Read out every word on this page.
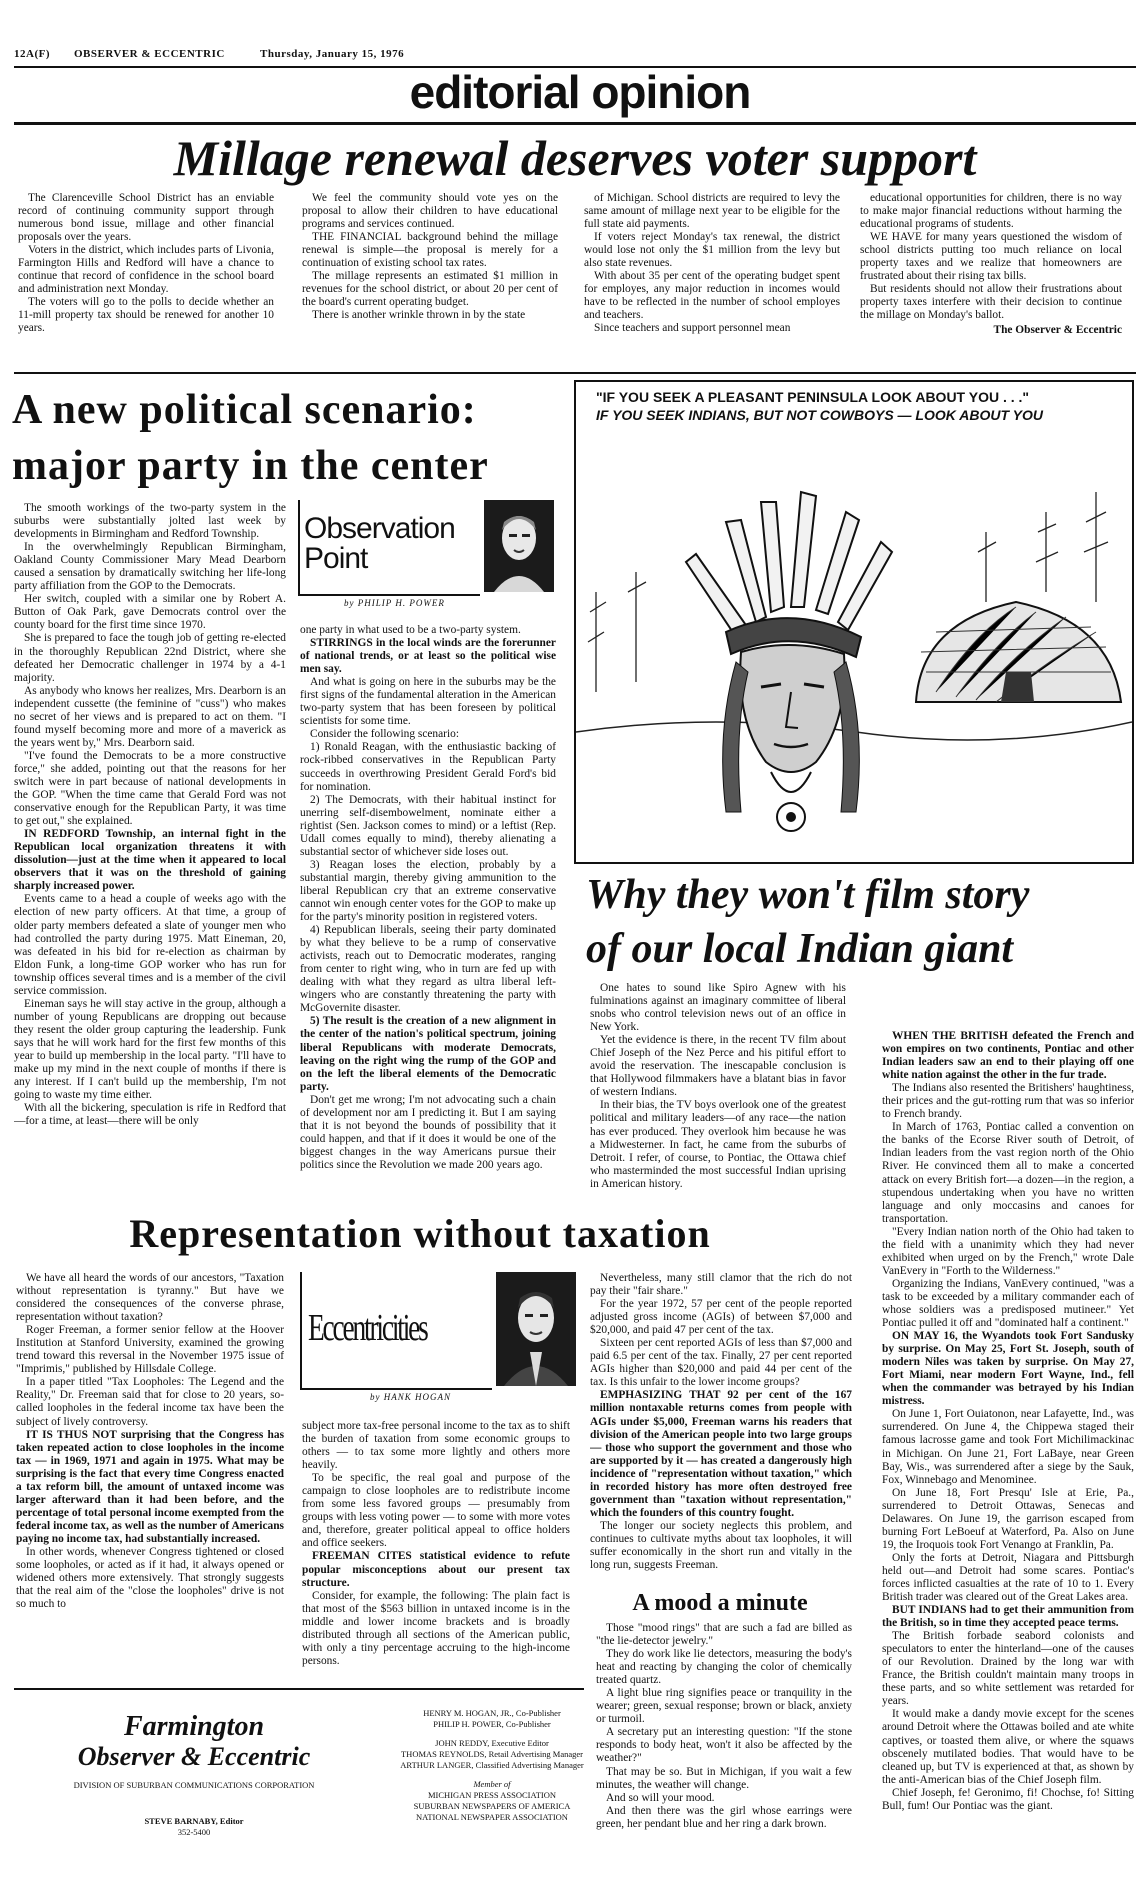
12A(F) OBSERVER & ECCENTRIC	Thursday, January 15, 1976
editorial opinion
Millage renewal deserves voter support

The Clarenceville School District has an enviable record of continuing community support through numerous bond issue, millage and other financial proposals over the years.

Voters in the district, which includes parts of Livonia, Farmington Hills and Redford will have a chance to continue that record of confidence in the school board and administration next Monday.

The voters will go to the polls to decide whether an 11-mill property tax should be renewed for another 10 years.

We feel the community should vote yes on the proposal to allow their children to have educational programs and services continued.

THE FINANCIAL background behind the millage renewal is simple—the proposal is merely for a continuation of existing school tax rates.

The millage represents an estimated $1 million in revenues for the school district, or about 20 per cent of the board's current operating budget.

There is another wrinkle thrown in by the state

of Michigan. School districts are required to levy the same amount of millage next year to be eligible for the full state aid payments.

If voters reject Monday's tax renewal, the district would lose not only the $1 million from the levy but also state revenues.

With about 35 per cent of the operating budget spent for employes, any major reduction in incomes would have to be reflected in the number of school employes and teachers.

Since teachers and support personnel mean

educational opportunities for children, there is no way to make major financial reductions without harming the educational programs of students.

WE HAVE for many years questioned the wisdom of school districts putting too much reliance on local property taxes and we realize that homeowners are frustrated about their rising tax bills.

But residents should not allow their frustrations about property taxes interfere with their decision to continue the millage on Monday's ballot.

The Observer & Eccentric
A new political scenario:
major party in the center

The smooth workings of the two-party system in the suburbs were substantially jolted last week by developments in Birmingham and Redford Township.

In the overwhelmingly Republican Birmingham, Oakland County Commissioner Mary Mead Dearborn caused a sensation by dramatically switching her life-long party affiliation from the GOP to the Democrats.

Her switch, coupled with a similar one by Robert A. Button of Oak Park, gave Democrats control over the county board for the first time since 1970.

She is prepared to face the tough job of getting re-elected in the thoroughly Republican 22nd District, where she defeated her Democratic challenger in 1974 by a 4-1 majority.

As anybody who knows her realizes, Mrs. Dearborn is an independent cussette (the feminine of "cuss") who makes no secret of her views and is prepared to act on them. "I found myself becoming more and more of a maverick as the years went by," Mrs. Dearborn said.

"I've found the Democrats to be a more constructive force," she added, pointing out that the reasons for her switch were in part because of national developments in the GOP. "When the time came that Gerald Ford was not conservative enough for the Republican Party, it was time to get out," she explained.

IN REDFORD Township, an internal fight in the Republican local organization threatens it with dissolution—just at the time when it appeared to local observers that it was on the threshold of gaining sharply increased power.

Events came to a head a couple of weeks ago with the election of new party officers. At that time, a group of older party members defeated a slate of younger men who had controlled the party during 1975. Matt Eineman, 20, was defeated in his bid for re-election as chairman by Eldon Funk, a long-time GOP worker who has run for township offices several times and is a member of the civil service commission.

Eineman says he will stay active in the group, although a number of young Republicans are dropping out because they resent the older group capturing the leadership. Funk says that he will work hard for the first few months of this year to build up membership in the local party. "I'll have to make up my mind in the next couple of months if there is any interest. If I can't build up the membership, I'm not going to waste my time either.

With all the bickering, speculation is rife in Redford that—for a time, at least—there will be only

Observation
Point
by PHILIP H. POWER

one party in what used to be a two-party system.

STIRRINGS in the local winds are the forerunner of national trends, or at least so the political wise men say.

And what is going on here in the suburbs may be the first signs of the fundamental alteration in the American two-party system that has been foreseen by political scientists for some time.

Consider the following scenario:

1) Ronald Reagan, with the enthusiastic backing of rock-ribbed conservatives in the Republican Party succeeds in overthrowing President Gerald Ford's bid for nomination.

2) The Democrats, with their habitual instinct for unerring self-disembowelment, nominate either a rightist (Sen. Jackson comes to mind) or a leftist (Rep. Udall comes equally to mind), thereby alienating a substantial sector of whichever side loses out.

3) Reagan loses the election, probably by a substantial margin, thereby giving ammunition to the liberal Republican cry that an extreme conservative cannot win enough center votes for the GOP to make up for the party's minority position in registered voters.

4) Republican liberals, seeing their party dominated by what they believe to be a rump of conservative activists, reach out to Democratic moderates, ranging from center to right wing, who in turn are fed up with dealing with what they regard as ultra liberal left-wingers who are constantly threatening the party with McGovernite disaster.

5) The result is the creation of a new alignment in the center of the nation's political spectrum, joining liberal Republicans with moderate Democrats, leaving on the right wing the rump of the GOP and on the left the liberal elements of the Democratic party.

Don't get me wrong; I'm not advocating such a chain of development nor am I predicting it. But I am saying that it is not beyond the bounds of possibility that it could happen, and that if it does it would be one of the biggest changes in the way Americans pursue their politics since the Revolution we made 200 years ago.

"IF YOU SEEK A PLEASANT PENINSULA LOOK ABOUT YOU . . ."
IF YOU SEEK INDIANS, BUT NOT COWBOYS — LOOK ABOUT YOU
Why they won't film story
of our local Indian giant

One hates to sound like Spiro Agnew with his fulminations against an imaginary committee of liberal snobs who control television news out of an office in New York.

Yet the evidence is there, in the recent TV film about Chief Joseph of the Nez Perce and his pitiful effort to avoid the reservation. The inescapable conclusion is that Hollywood filmmakers have a blatant bias in favor of western Indians.

In their bias, the TV boys overlook one of the greatest political and military leaders—of any race—the nation has ever produced. They overlook him because he was a Midwesterner. In fact, he came from the suburbs of Detroit. I refer, of course, to Pontiac, the Ottawa chief who masterminded the most successful Indian uprising in American history.

WHEN THE BRITISH defeated the French and won empires on two continents, Pontiac and other Indian leaders saw an end to their playing off one white nation against the other in the fur trade.

The Indians also resented the Britishers' haughtiness, their prices and the gut-rotting rum that was so inferior to French brandy.

In March of 1763, Pontiac called a convention on the banks of the Ecorse River south of Detroit, of Indian leaders from the vast region north of the Ohio River. He convinced them all to make a concerted attack on every British fort—a dozen—in the region, a stupendous undertaking when you have no written language and only moccasins and canoes for transportation.

"Every Indian nation north of the Ohio had taken to the field with a unanimity which they had never exhibited when urged on by the French," wrote Dale VanEvery in "Forth to the Wilderness."

Organizing the Indians, VanEvery continued, "was a task to be exceeded by a military commander each of whose soldiers was a predisposed mutineer." Yet Pontiac pulled it off and "dominated half a continent."

ON MAY 16, the Wyandots took Fort Sandusky by surprise. On May 25, Fort St. Joseph, south of modern Niles was taken by surprise. On May 27, Fort Miami, near modern Fort Wayne, Ind., fell when the commander was betrayed by his Indian mistress.

On June 1, Fort Ouiatonon, near Lafayette, Ind., was surrendered. On June 4, the Chippewa staged their famous lacrosse game and took Fort Michilimackinac in Michigan. On June 21, Fort LaBaye, near Green Bay, Wis., was surrendered after a siege by the Sauk, Fox, Winnebago and Menominee.

On June 18, Fort Presqu' Isle at Erie, Pa., surrendered to Detroit Ottawas, Senecas and Delawares. On June 19, the garrison escaped from burning Fort LeBoeuf at Waterford, Pa. Also on June 19, the Iroquois took Fort Venango at Franklin, Pa.

Only the forts at Detroit, Niagara and Pittsburgh held out—and Detroit had some scares. Pontiac's forces inflicted casualties at the rate of 10 to 1. Every British trader was cleared out of the Great Lakes area.

BUT INDIANS had to get their ammunition from the British, so in time they accepted peace terms.

The British forbade seabord colonists and speculators to enter the hinterland—one of the causes of our Revolution. Drained by the long war with France, the British couldn't maintain many troops in these parts, and so white settlement was retarded for years.

It would make a dandy movie except for the scenes around Detroit where the Ottawas boiled and ate white captives, or toasted them alive, or where the squaws obscenely mutilated bodies. That would have to be cleaned up, but TV is experienced at that, as shown by the anti-American bias of the Chief Joseph film.

Chief Joseph, fe! Geronimo, fi! Chochse, fo! Sitting Bull, fum! Our Pontiac was the giant.

Representation without taxation

We have all heard the words of our ancestors, "Taxation without representation is tyranny." But have we considered the consequences of the converse phrase, representation without taxation?

Roger Freeman, a former senior fellow at the Hoover Institution at Stanford University, examined the growing trend toward this reversal in the November 1975 issue of "Imprimis," published by Hillsdale College.

In a paper titled "Tax Loopholes: The Legend and the Reality," Dr. Freeman said that for close to 20 years, so-called loopholes in the federal income tax have been the subject of lively controversy.

IT IS THUS NOT surprising that the Congress has taken repeated action to close loopholes in the income tax — in 1969, 1971 and again in 1975. What may be surprising is the fact that every time Congress enacted a tax reform bill, the amount of untaxed income was larger afterward than it had been before, and the percentage of total personal income exempted from the federal income tax, as well as the number of Americans paying no income tax, had substantially increased.

In other words, whenever Congress tightened or closed some loopholes, or acted as if it had, it always opened or widened others more extensively. That strongly suggests that the real aim of the "close the loopholes" drive is not so much to

Eccentricities
by HANK HOGAN

subject more tax-free personal income to the tax as to shift the burden of taxation from some economic groups to others — to tax some more lightly and others more heavily.

To be specific, the real goal and purpose of the campaign to close loopholes are to redistribute income from some less favored groups — presumably from groups with less voting power — to some with more votes and, therefore, greater political appeal to office holders and office seekers.

FREEMAN CITES statistical evidence to refute popular misconceptions about our present tax structure.

Consider, for example, the following: The plain fact is that most of the $563 billion in untaxed income is in the middle and lower income brackets and is broadly distributed through all sections of the American public, with only a tiny percentage accruing to the high-income persons.

Nevertheless, many still clamor that the rich do not pay their "fair share."

For the year 1972, 57 per cent of the people reported adjusted gross income (AGIs) of between $7,000 and $20,000, and paid 47 per cent of the tax.

Sixteen per cent reported AGIs of less than $7,000 and paid 6.5 per cent of the tax. Finally, 27 per cent reported AGIs higher than $20,000 and paid 44 per cent of the tax. Is this unfair to the lower income groups?

EMPHASIZING THAT 92 per cent of the 167 million nontaxable returns comes from people with AGIs under $5,000, Freeman warns his readers that division of the American people into two large groups — those who support the government and those who are supported by it — has created a dangerously high incidence of "representation without taxation," which in recorded history has more often destroyed free government than "taxation without representation," which the founders of this country fought.

The longer our society neglects this problem, and continues to cultivate myths about tax loopholes, it will suffer economically in the short run and vitally in the long run, suggests Freeman.

A mood a minute

Those "mood rings" that are such a fad are billed as "the lie-detector jewelry."

They do work like lie detectors, measuring the body's heat and reacting by changing the color of chemically treated quartz.

A light blue ring signifies peace or tranquility in the wearer; green, sexual response; brown or black, anxiety or turmoil.

A secretary put an interesting question: "If the stone responds to body heat, won't it also be affected by the weather?"

That may be so. But in Michigan, if you wait a few minutes, the weather will change.

And so will your mood.

And then there was the girl whose earrings were green, her pendant blue and her ring a dark brown.

Farmington
Observer & Eccentric
DIVISION OF SUBURBAN COMMUNICATIONS CORPORATION
STEVE BARNABY, Editor
352-5400
HENRY M. HOGAN, JR., Co-Publisher
PHILIP H. POWER, Co-Publisher
JOHN REDDY, Executive Editor
THOMAS REYNOLDS, Retail Advertising Manager
ARTHUR LANGER, Classified Advertising Manager
Member of
MICHIGAN PRESS ASSOCIATION
SUBURBAN NEWSPAPERS OF AMERICA
NATIONAL NEWSPAPER ASSOCIATION
